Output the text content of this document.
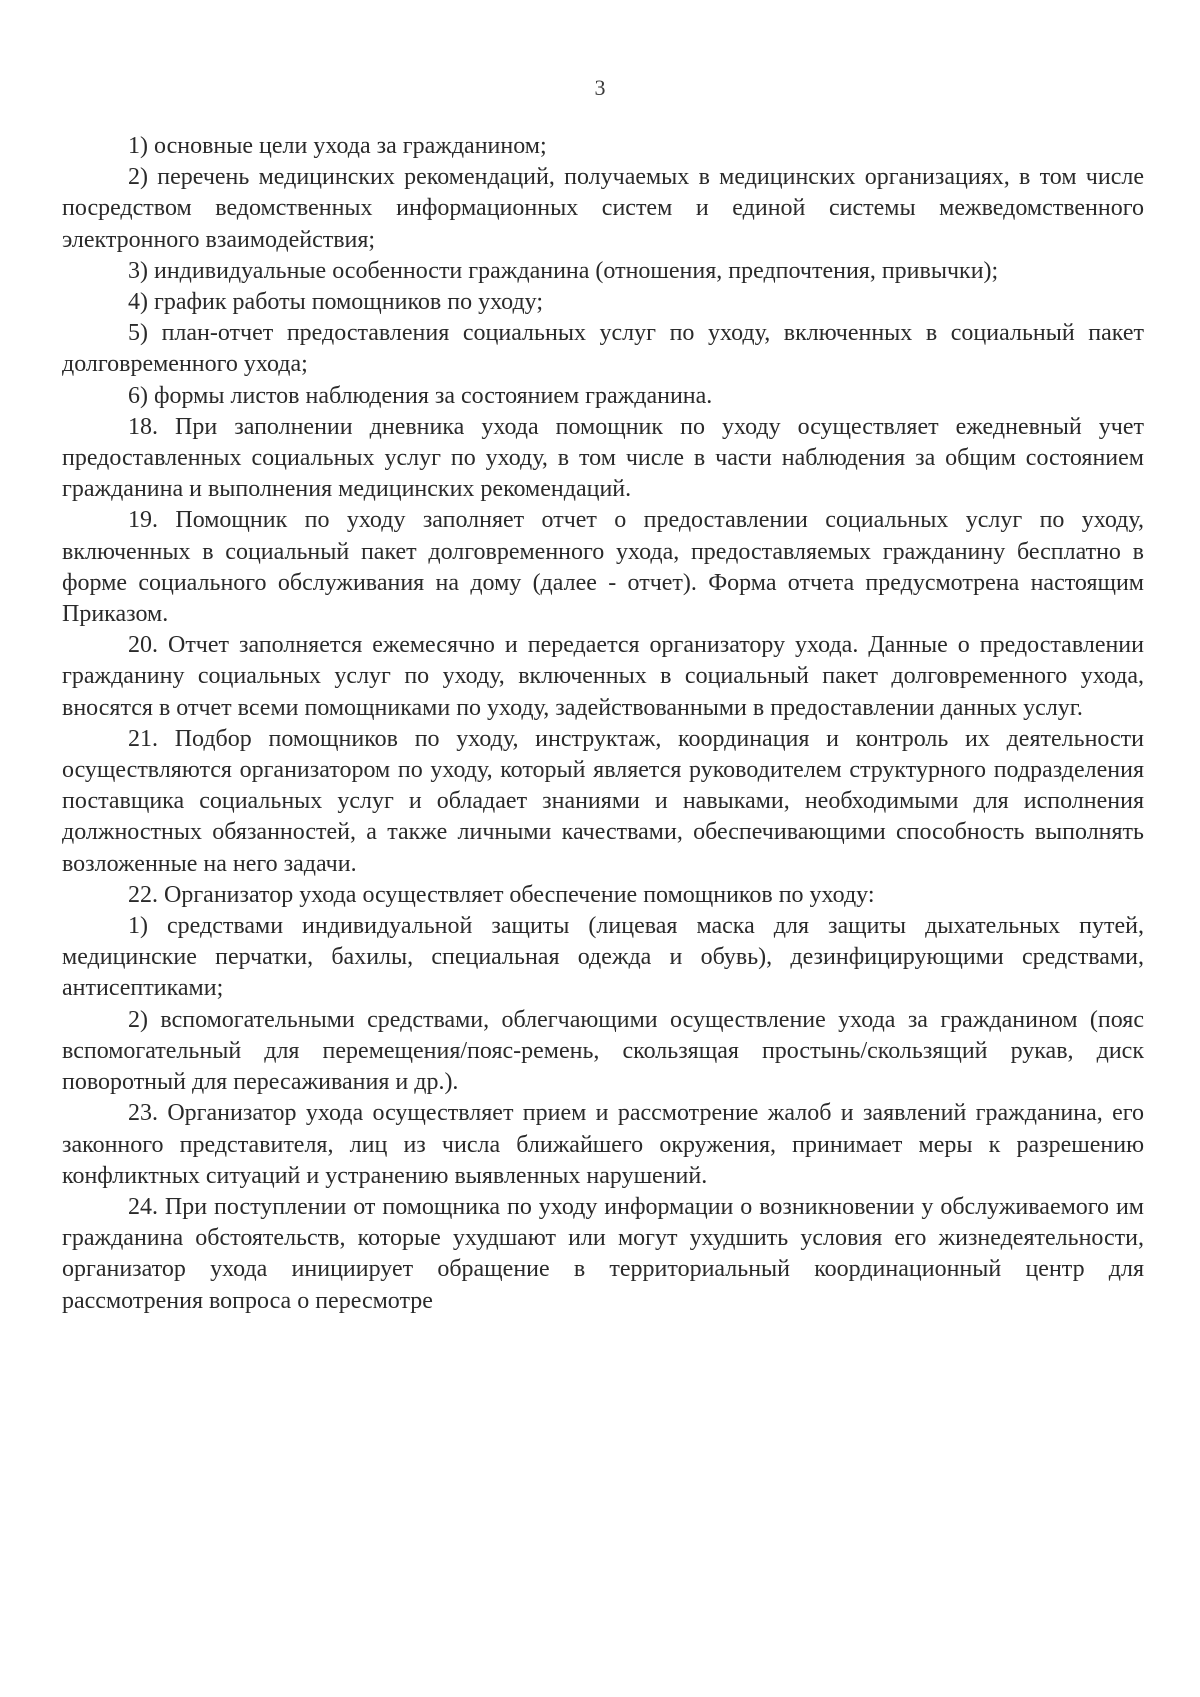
3

1) основные цели ухода за гражданином;

2) перечень медицинских рекомендаций, получаемых в медицинских организациях, в том числе посредством ведомственных информационных систем и единой системы межведомственного электронного взаимодействия;

3) индивидуальные особенности гражданина (отношения, предпочтения, привычки);

4) график работы помощников по уходу;

5) план-отчет предоставления социальных услуг по уходу, включенных в социальный пакет долговременного ухода;

6) формы листов наблюдения за состоянием гражданина.

18. При заполнении дневника ухода помощник по уходу осуществляет ежедневный учет предоставленных социальных услуг по уходу, в том числе в части наблюдения за общим состоянием гражданина и выполнения медицинских рекомендаций.

19. Помощник по уходу заполняет отчет о предоставлении социальных услуг по уходу, включенных в социальный пакет долговременного ухода, предоставляемых гражданину бесплатно в форме социального обслуживания на дому (далее - отчет). Форма отчета предусмотрена настоящим Приказом.

20. Отчет заполняется ежемесячно и передается организатору ухода. Данные о предоставлении гражданину социальных услуг по уходу, включенных в социальный пакет долговременного ухода, вносятся в отчет всеми помощниками по уходу, задействованными в предоставлении данных услуг.

21. Подбор помощников по уходу, инструктаж, координация и контроль их деятельности осуществляются организатором по уходу, который является руководителем структурного подразделения поставщика социальных услуг и обладает знаниями и навыками, необходимыми для исполнения должностных обязанностей, а также личными качествами, обеспечивающими способность выполнять возложенные на него задачи.

22. Организатор ухода осуществляет обеспечение помощников по уходу:

1) средствами индивидуальной защиты (лицевая маска для защиты дыхательных путей, медицинские перчатки, бахилы, специальная одежда и обувь), дезинфицирующими средствами, антисептиками;

2) вспомогательными средствами, облегчающими осуществление ухода за гражданином (пояс вспомогательный для перемещения/пояс-ремень, скользящая простынь/скользящий рукав, диск поворотный для пересаживания и др.).

23. Организатор ухода осуществляет прием и рассмотрение жалоб и заявлений гражданина, его законного представителя, лиц из числа ближайшего окружения, принимает меры к разрешению конфликтных ситуаций и устранению выявленных нарушений.

24. При поступлении от помощника по уходу информации о возникновении у обслуживаемого им гражданина обстоятельств, которые ухудшают или могут ухудшить условия его жизнедеятельности, организатор ухода инициирует обращение в территориальный координационный центр для рассмотрения вопроса о пересмотре
